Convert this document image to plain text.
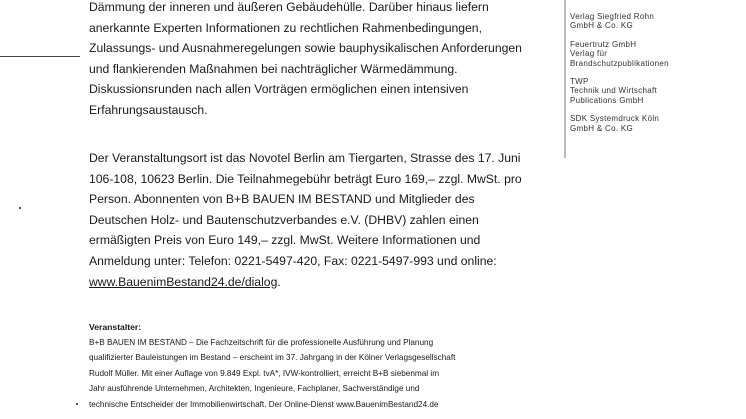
Dämmung der inneren und äußeren Gebäudehülle. Darüber hinaus liefern
anerkannte Experten Informationen zu rechtlichen Rahmenbedingungen,
Zulassungs- und Ausnahmeregelungen sowie bauphysikalischen Anforderungen
und flankierenden Maßnahmen bei nachträglicher Wärmedämmung.
Diskussionsrunden nach allen Vorträgen ermöglichen einen intensiven
Erfahrungsaustausch.

Der Veranstaltungsort ist das Novotel Berlin am Tiergarten, Strasse des 17. Juni
106-108, 10623 Berlin. Die Teilnahmegebühr beträgt Euro 169,– zzgl. MwSt. pro
Person. Abonnenten von B+B BAUEN IM BESTAND und Mitglieder des
Deutschen Holz- und Bautenschutzverbandes e.V. (DHBV) zahlen einen
ermäßigten Preis von Euro 149,– zzgl. MwSt. Weitere Informationen und
Anmeldung unter: Telefon: 0221-5497-420, Fax: 0221-5497-993 und online:
www.BauenimBestand24.de/dialog.

Veranstalter:

B+B BAUEN IM BESTAND – Die Fachzeitschrift für die professionelle Ausführung und Planung
qualifizierter Bauleistungen im Bestand – erscheint im 37. Jahrgang in der Kölner Verlagsgesellschaft
Rudolf Müller. Mit einer Auflage von 9.849 Expl. tvA*, IVW-kontrolliert, erreicht B+B siebenmal im
Jahr ausführende Unternehmen, Architekten, Ingenieure, Fachplaner, Sachverständige und
technische Entscheider der Immobilienwirtschaft. Der Online-Dienst www.BauenimBestand24.de

Verlag Siegfried Rohn
GmbH & Co. KG
Feuertrutz GmbH
Verlag für
Brandschutzpublikationen
TWP
Technik und Wirtschaft
Publications GmbH
SDK Systemdruck Köln
GmbH & Co. KG
